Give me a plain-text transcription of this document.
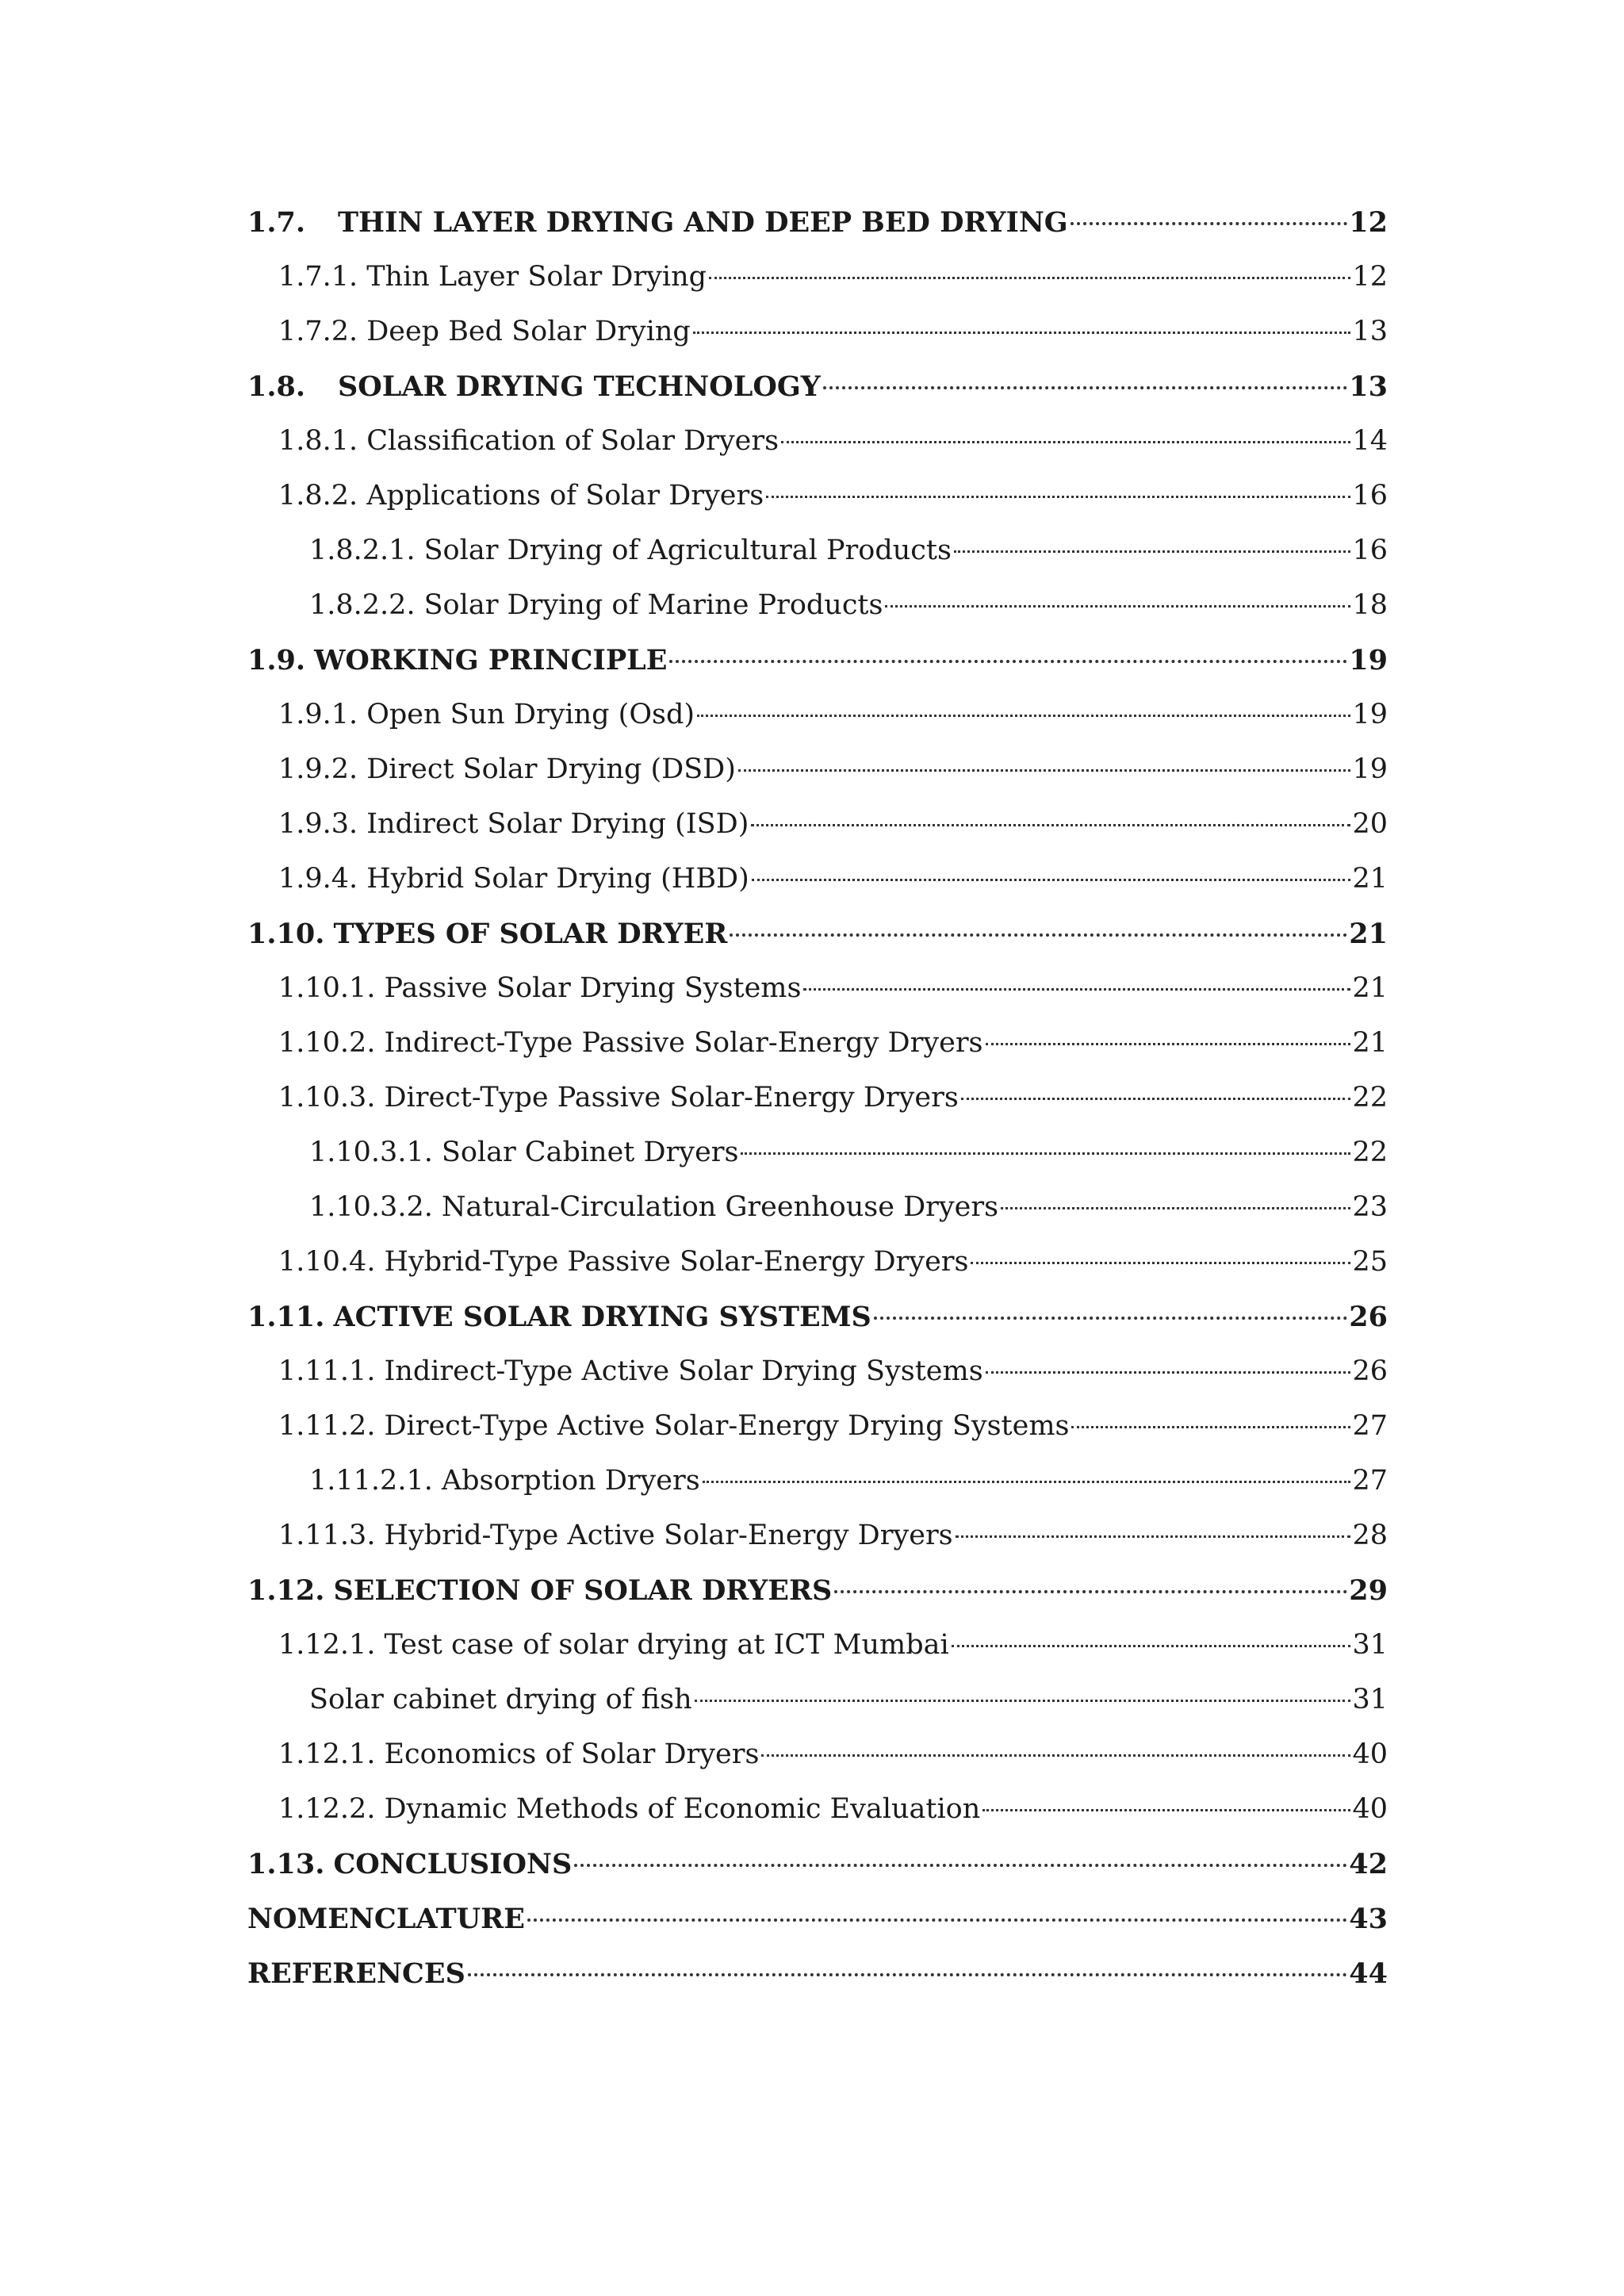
1.7.	THIN LAYER DRYING AND DEEP BED DRYING	12
1.7.1. Thin Layer Solar Drying	12
1.7.2. Deep Bed Solar Drying	13
1.8.	SOLAR DRYING TECHNOLOGY	13
1.8.1. Classification of Solar Dryers	14
1.8.2. Applications of Solar Dryers	16
1.8.2.1. Solar Drying of Agricultural Products	16
1.8.2.2. Solar Drying of Marine Products	18
1.9. WORKING PRINCIPLE	19
1.9.1. Open Sun Drying (Osd)	19
1.9.2. Direct Solar Drying (DSD)	19
1.9.3. Indirect Solar Drying (ISD)	20
1.9.4. Hybrid Solar Drying (HBD)	21
1.10. TYPES OF SOLAR DRYER	21
1.10.1. Passive Solar Drying Systems	21
1.10.2. Indirect-Type Passive Solar-Energy Dryers	21
1.10.3. Direct-Type Passive Solar-Energy Dryers	22
1.10.3.1. Solar Cabinet Dryers	22
1.10.3.2. Natural-Circulation Greenhouse Dryers	23
1.10.4. Hybrid-Type Passive Solar-Energy Dryers	25
1.11. ACTIVE SOLAR DRYING SYSTEMS	26
1.11.1. Indirect-Type Active Solar Drying Systems	26
1.11.2. Direct-Type Active Solar-Energy Drying Systems	27
1.11.2.1. Absorption Dryers	27
1.11.3. Hybrid-Type Active Solar-Energy Dryers	28
1.12. SELECTION OF SOLAR DRYERS	29
1.12.1. Test case of solar drying at ICT Mumbai	31
Solar cabinet drying of fish	31
1.12.1. Economics of Solar Dryers	40
1.12.2. Dynamic Methods of Economic Evaluation	40
1.13. CONCLUSIONS	42
NOMENCLATURE	43
REFERENCES	44
